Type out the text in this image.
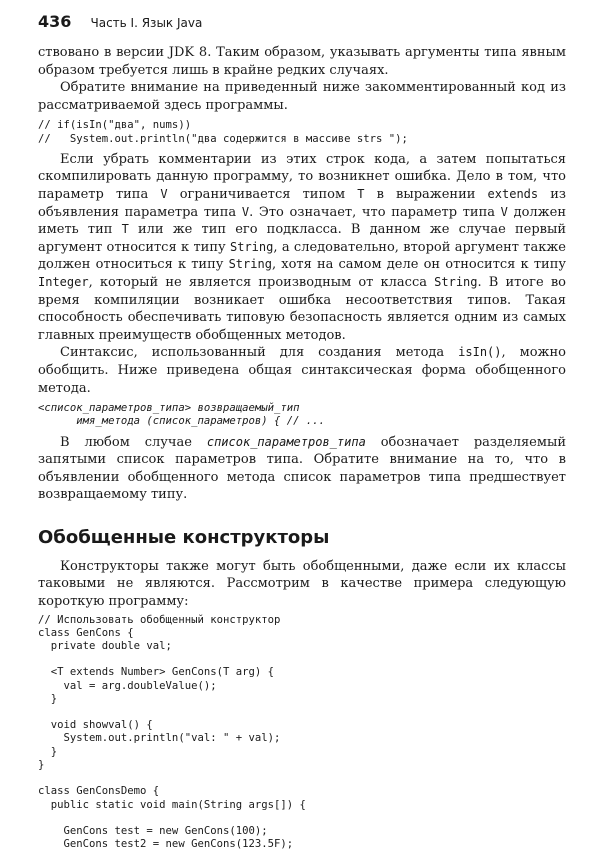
436 Часть I. Язык Java

ствовано в версии JDK 8. Таким образом, указывать аргументы типа явным образом требуется лишь в крайне редких случаях.

Обратите внимание на приведенный ниже закомментированный код из рассматриваемой здесь программы.

// if(isIn("два", nums))
//   System.out.println("два содержится в массиве strs ");

Если убрать комментарии из этих строк кода, а затем попытаться скомпилировать данную программу, то возникнет ошибка. Дело в том, что параметр типа V ограничивается типом T в выражении extends из объявления параметра типа V. Это означает, что параметр типа V должен иметь тип T или же тип его подкласса. В данном же случае первый аргумент относится к типу String, а следовательно, второй аргумент также должен относиться к типу String, хотя на самом деле он относится к типу Integer, который не является производным от класса String. В итоге во время компиляции возникает ошибка несоответствия типов. Такая способность обеспечивать типовую безопасность является одним из самых главных преимуществ обобщенных методов.

Синтаксис, использованный для создания метода isIn(), можно обобщить. Ниже приведена общая синтаксическая форма обобщенного метода.

<список_параметров_типа> возвращаемый_тип
имя_метода (список_параметров) { // ...

В любом случае список_параметров_типа обозначает разделяемый запятыми список параметров типа. Обратите внимание на то, что в объявлении обобщенного метода список параметров типа предшествует возвращаемому типу.

Обобщенные конструкторы

Конструкторы также могут быть обобщенными, даже если их классы таковыми не являются. Рассмотрим в качестве примера следующую короткую программу:

// Использовать обобщенный конструктор
class GenCons {
private double val;

<T extends Number> GenCons(T arg) {
val = arg.doubleValue();
}

void showval() {
System.out.println("val: " + val);
}
}

class GenConsDemo {
public static void main(String args[]) {

GenCons test = new GenCons(100);
GenCons test2 = new GenCons(123.5F);
